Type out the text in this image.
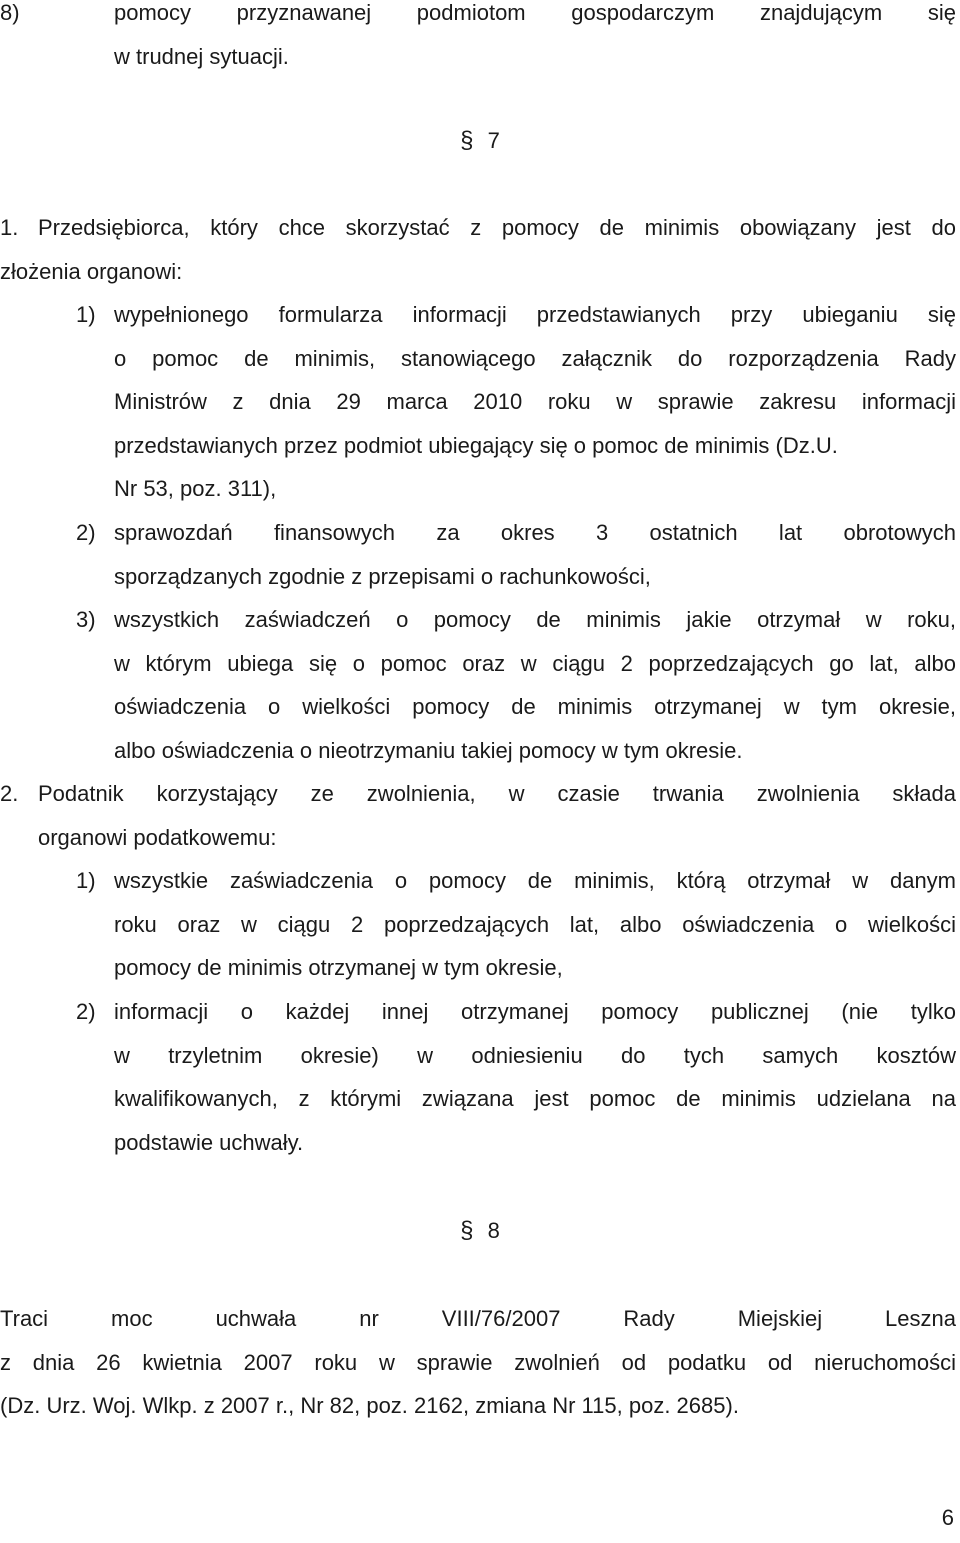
8)	pomocy przyznawanej podmiotom gospodarczym znajdującym się
w trudnej sytuacji.
§ 7
1. Przedsiębiorca, który chce skorzystać z pomocy de minimis obowiązany jest do
złożenia organowi:
1) wypełnionego formularza informacji przedstawianych przy ubieganiu się
o pomoc de minimis, stanowiącego załącznik do rozporządzenia Rady
Ministrów z dnia 29 marca 2010 roku w sprawie zakresu informacji
przedstawianych przez podmiot ubiegający się o pomoc de minimis (Dz.U.
Nr 53, poz. 311),
2) sprawozdań finansowych za okres 3 ostatnich lat obrotowych
sporządzanych zgodnie z przepisami o rachunkowości,
3) wszystkich zaświadczeń o pomocy de minimis jakie otrzymał w roku,
w którym ubiega się o pomoc oraz w ciągu 2 poprzedzających go lat, albo
oświadczenia o wielkości pomocy de minimis otrzymanej w tym okresie,
albo oświadczenia o nieotrzymaniu takiej pomocy w tym okresie.
2. Podatnik korzystający ze zwolnienia, w czasie trwania zwolnienia składa
organowi podatkowemu:
1) wszystkie zaświadczenia o pomocy de minimis, którą otrzymał w danym
roku oraz w ciągu 2 poprzedzających lat, albo oświadczenia o wielkości
pomocy de minimis otrzymanej w tym okresie,
2) informacji o każdej innej otrzymanej pomocy publicznej (nie tylko
w trzyletnim okresie) w odniesieniu do tych samych kosztów
kwalifikowanych, z którymi związana jest pomoc de minimis udzielana na
podstawie uchwały.
§ 8
Traci moc uchwała nr VIII/76/2007 Rady Miejskiej Leszna
z dnia 26 kwietnia 2007 roku w sprawie zwolnień od podatku od nieruchomości
(Dz. Urz. Woj. Wlkp. z 2007 r., Nr 82, poz. 2162, zmiana Nr 115, poz. 2685).
6
